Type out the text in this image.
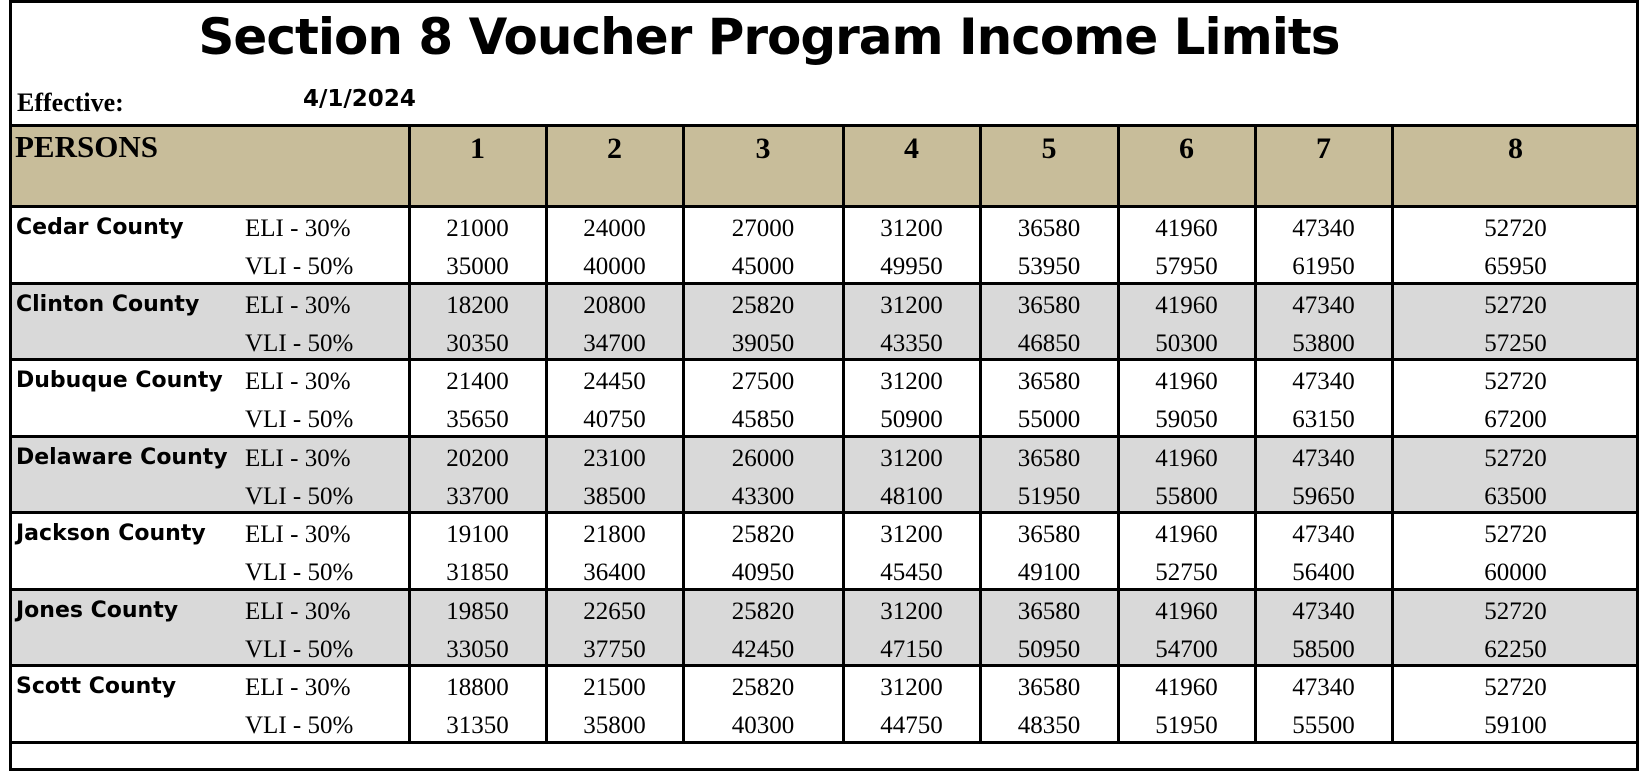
Section 8 Voucher Program Income Limits
Effective:	4/1/2024
PERSONS	1	2	3	4	5	6	7	8
Cedar County ELI - 30%	21000	24000	27000	31200	36580	41960	47340	52720
VLI - 50%	35000	40000	45000	49950	53950	57950	61950	65950
Clinton County ELI - 30%	18200	20800	25820	31200	36580	41960	47340	52720
VLI - 50%	30350	34700	39050	43350	46850	50300	53800	57250
Dubuque County ELI - 30%	21400	24450	27500	31200	36580	41960	47340	52720
VLI - 50%	35650	40750	45850	50900	55000	59050	63150	67200
Delaware County ELI - 30%	20200	23100	26000	31200	36580	41960	47340	52720
VLI - 50%	33700	38500	43300	48100	51950	55800	59650	63500
Jackson County ELI - 30%	19100	21800	25820	31200	36580	41960	47340	52720
VLI - 50%	31850	36400	40950	45450	49100	52750	56400	60000
Jones County	ELI - 30%	19850	22650	25820	31200	36580	41960	47340	52720
VLI - 50%	33050	37750	42450	47150	50950	54700	58500	62250
Scott County	ELI - 30%	18800	21500	25820	31200	36580	41960	47340	52720
VLI - 50%	31350	35800	40300	44750	48350	51950	55500	59100
